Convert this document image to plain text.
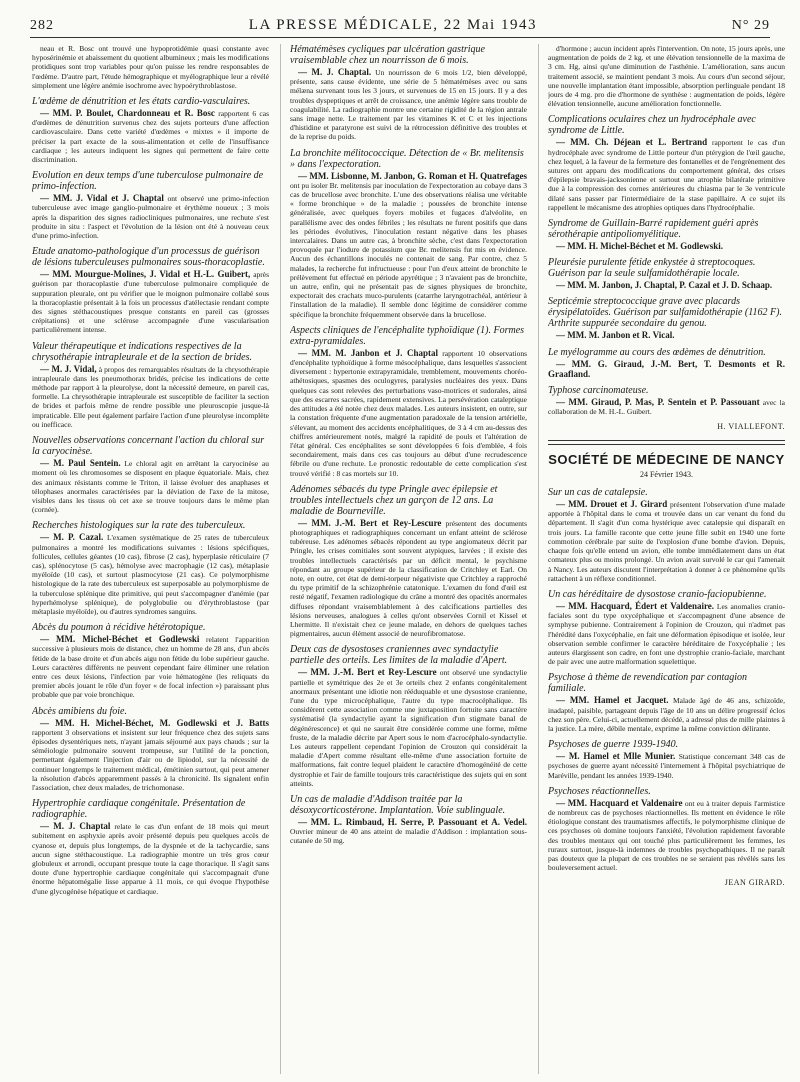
282	LA PRESSE MÉDICALE, 22 Mai 1943	N° 29
neau et R. Bosc ont trouvé une hypoprotidémie quasi constante avec hyposérinémie et abaissement du quotient albumineux ; mais les modifications protidiques sont trop variables pour qu'on puisse les rendre responsables de l'œdème. D'autre part, l'étude hémographique et myélographique leur a révélé simplement une légère anémie isochrome avec hypoérythroblastose.
L'œdème de dénutrition et les états cardio-vasculaires.
— MM. P. Boulet, Chardonneau et R. Bosc rapportent 6 cas d'œdèmes de dénutrition survenus chez des sujets porteurs d'une affection cardiovasculaire. Dans cette variété d'œdèmes « mixtes » il importe de préciser la part exacte de la sous-alimentation et celle de l'insuffisance cardiaque ; les auteurs indiquent les signes qui permettent de faire cette discrimination.
Evolution en deux temps d'une tuberculose pulmonaire de primo-infection.
— MM. J. Vidal et J. Chaptal ont observé une primo-infection tuberculeuse avec image ganglio-pulmonaire et érythème noueux ; 3 mois après la disparition des signes radiocliniques pulmonaires, une rechute s'est produite in situ : l'aspect et l'évolution de la lésion ont été à nouveau ceux d'une primo-infection.
Etude anatomo-pathologique d'un processus de guérison de lésions tuberculeuses pulmonaires sous-thoracoplastie.
— MM. Mourgue-Molines, J. Vidal et H.-L. Guibert, après guérison par thoracoplastie d'une tuberculose pulmonaire compliquée de suppuration pleurale, ont pu vérifier que le moignon pulmonaire collabé sous la thoracoplastie présentait à la fois un processus d'atélectasie rendant compte des signes stéthacoustiques presque constants en pareil cas (grosses crépitations) et une sclérose accompagnée d'une vascularisation particulièrement intense.
Valeur thérapeutique et indications respectives de la chrysothérapie intrapleurale et de la section de brides.
— M. J. Vidal, à propos des remarquables résultats de la chrysothérapie intrapleurale dans les pneumothorax bridés, précise les indications de cette méthode par rapport à la pleurolyse, dont la nécessité demeure, en pareil cas, formelle. La chrysothérapie intrapleurale est susceptible de faciliter la section de brides et parfois même de rendre possible une pleuroscopie jusque-là impraticable. Elle peut également parfaire l'action d'une pleurolyse incomplète ou inefficace.
Nouvelles observations concernant l'action du chloral sur la caryocinèse.
— M. Paul Sentein. Le chloral agit en arrêtant la caryocinèse au moment où les chromosomes se disposent en plaque équatoriale. Mais, chez des animaux résistants comme le Triton, il laisse évoluer des anaphases et télophases anormales caractérisées par la déviation de l'axe de la mitose, visibles dans les tissus où cet axe se trouve toujours dans le même plan (cornée).
Recherches histologiques sur la rate des tuberculeux.
— M. P. Cazal. L'examen systématique de 25 rates de tuberculeux pulmonaires a montré les modifications suivantes : lésions spécifiques, follicules, cellules géantes (10 cas), fibrose (2 cas), hyperplasie réticulaire (7 cas), splénocytose (5 cas), hémolyse avec macrophagie (12 cas), métaplasie myéloïde (10 cas), et surtout plasmocytose (21 cas). Ce polymorphisme histologique de la rate des tuberculeux est superposable au polymorphisme de la tuberculose splénique dite primitive, qui peut s'accompagner d'anémie (par hyperhémolyse splénique), de polyglobulie ou d'érythroblastose (par métaplasie myéloïde), ou d'autres syndromes sanguins.
Abcès du poumon à récidive hétérotopique.
— MM. Michel-Béchet et Godlewski relatent l'apparition successive à plusieurs mois de distance, chez un homme de 28 ans, d'un abcès fétide de la base droite et d'un abcès aigu non fétide du lobe supérieur gauche. Leurs caractères différents ne peuvent cependant faire éliminer une relation entre ces deux lésions, l'infection par voie hématogène (les reliquats du premier abcès jouant le rôle d'un foyer « de focal infection ») paraissant plus probable que par voie bronchique.
Abcès amibiens du foie.
— MM. H. Michel-Béchet, M. Godlewski et J. Batts rapportent 3 observations et insistent sur leur fréquence chez des sujets sans épisodes dysentériques nets, n'ayant jamais séjourné aux pays chauds ; sur la séméiologie pulmonaire souvent trompeuse, sur l'utilité de la ponction, permettant également l'injection d'air ou de lipiodol, sur la nécessité de continuer longtemps le traitement médical, émétinien surtout, qui peut amener la résolution d'abcès apparemment passés à la chronicité. Ils signalent enfin l'association, chez deux malades, de trichomonase.
Hypertrophie cardiaque congénitale. Présentation de radiographie.
— M. J. Chaptal relate le cas d'un enfant de 18 mois qui meurt subitement en asphyxie après avoir présenté depuis peu quelques accès de cyanose et, depuis plus longtemps, de la dyspnée et de la tachycardie, sans aucun signe stéthacoustique. La radiographie montre un très gros cœur globuleux et arrondi, occupant presque toute la cage thoracique. Il s'agit sans doute d'une hypertrophie cardiaque congénitale qui s'accompagnait d'une énorme hépatomégalie lisse apparue à 11 mois, ce qui évoque l'hypothèse d'une glycogénèse hépatique et cardiaque.
Hématémèses cycliques par ulcération gastrique vraisemblable chez un nourrisson de 6 mois.
— M. J. Chaptal. Un nourrisson de 6 mois 1/2, bien développé, présente, sans cause évidente, une série de 5 hématémèses avec ou sans mélæna survenant tous les 3 jours, et survenues de 15 en 15 jours. Il y a des troubles dyspeptiques et arrêt de croissance, une anémie légère sans trouble de coagulabilité. La radiographie montre une certaine rigidité de la région antrale sans image nette. Le traitement par les vitamines K et C et les injections d'histidine et paratyrone est suivi de la rétrocession définitive des troubles et de la reprise du poids.
La bronchite mélitococcique. Détection de « Br. melitensis » dans l'expectoration.
— MM. Lisbonne, M. Janbon, G. Roman et H. Quatrefages ont pu isoler Br. melitensis par inoculation de l'expectoration au cobaye dans 3 cas de brucellose avec bronchite. L'une des observations réalisa une véritable « forme bronchique » de la maladie ; poussées de bronchite intense généralisée, avec quelques foyers mobiles et fugaces d'alvéolite, en parallélisme avec des ondes fébriles ; les résultats ne furent positifs que dans les périodes évolutives, l'inoculation restant négative dans les phases intercalaires. Dans un autre cas, à bronchite sèche, c'est dans l'expectoration provoquée par l'iodure de potassium que Br. melitensis fut mis en évidence. Aucun des échantillons inoculés ne contenait de sang. Par contre, chez 5 malades, la recherche fut infructueuse : pour l'un d'eux atteint de bronchite le prélèvement fut effectué en période apyrétique ; 3 n'avaient pas de bronchite, un autre, enfin, qui ne présentait pas de signes physiques de bronchite, expectorait des crachats muco-purulents (catarrhe laryngotrachéal, antérieur à l'installation de la maladie). Il semble donc légitime de considérer comme spécifique la bronchite fréquemment observée dans la brucellose.
Aspects cliniques de l'encéphalite typhoïdique (1). Formes extra-pyramidales.
— MM. M. Janbon et J. Chaptal rapportent 10 observations d'encéphalite typhoïdique à forme mésocéphalique, dans lesquelles s'associent diversement : hypertonie extrapyramidale, tremblement, mouvements choréo-athétosiques, spasmes des oculogyres, paralysies nucléaires des yeux. Dans quelques cas sont relevées des perturbations vaso-motrices et sudorales, ainsi que des escarres sacrées, rapidement extensives. La persévération cataleptique des attitudes a été notée chez deux malades. Les auteurs insistent, en outre, sur la constation fréquente d'une augmentation paradoxale de la tension artérielle, s'élevant, au moment des accidents encéphalitiques, de 3 à 4 cm au-dessus des chiffres antérieurement notés, malgré la rapidité de pouls et l'altération de l'état général. Ces encéphalites se sont développées 6 fois d'emblée, 4 fois secondairement, mais dans ces cas toujours au début d'une recrudescence fébrile ou d'une rechute. Le pronostic redoutable de cette complication s'est trouvé vérifié : 8 cas mortels sur 10.
Adénomes sébacés du type Pringle avec épilepsie et troubles intellectuels chez un garçon de 12 ans. La maladie de Bourneville.
— MM. J.-M. Bert et Rey-Lescure présentent des documents photographiques et radiographiques concernant un enfant atteint de sclérose tubéreuse. Les adénomes sébacés répondent au type angiomateux décrit par Pringle, les crises comitiales sont souvent atypiques, larvées ; il existe des troubles intellectuels caractérisés par un déficit mental, le psychisme répondant au groupe supérieur de la classification de Critchley et Earl. On note, en outre, cet état de demi-torpeur négativiste que Critchley a rapproché du type primitif de la schizophrénie catatonique. L'examen du fond d'œil est resté négatif, l'examen radiologique du crâne a montré des opacités anormales diffuses répondant vraisemblablement à des calcifications partielles des lésions nerveuses, analogues à celles qu'ont observées Cornil et Kissel et Lhermitte. Il n'existait chez ce jeune malade, en dehors de quelques taches pigmentaires, aucun élément associé de neurofibromatose.
Deux cas de dysostoses craniennes avec syndactylie partielle des orteils. Les limites de la maladie d'Apert.
— MM. J.-M. Bert et Rey-Lescure ont observé une syndactylie partielle et symétrique des 2e et 3e orteils chez 2 enfants congénitalement anormaux présentant une idiotie non rééduquable et une dysostose cranienne, l'une du type microcéphalique, l'autre du type macrocéphalique. Ils considèrent cette association comme une juxtaposition fortuite sans caractère systématisé (la syndactylie ayant la signification d'un stigmate banal de dégénérescence) et qui ne saurait être considérée comme une forme, même fruste, de la maladie décrite par Apert sous le nom d'acrocéphalo-syndactylie. Les auteurs rappellent cependant l'opinion de Crouzon qui considérait la maladie d'Apert comme résultant elle-même d'une association fortuite de malformations, fait contre lequel plaident le caractère d'homogénéité de cette dystrophie et l'air de famille toujours très caractéristique des sujets qui en sont atteints.
Un cas de maladie d'Addison traitée par la désoxycorticostérone. Implantation. Voie sublinguale.
— MM. L. Rimbaud, H. Serre, P. Passouant et A. Vedel. Ouvrier mineur de 40 ans atteint de maladie d'Addison : implantation sous-cutanée de 50 mg.
d'hormone ; aucun incident après l'intervention. On note, 15 jours après, une augmentation de poids de 2 kg. et une élévation tensionnelle de la maxima de 3 cm. Hg, ainsi qu'une diminution de l'asthénie. L'amélioration, sans aucun traitement associé, se maintient pendant 3 mois. Au cours d'un second séjour, une nouvelle implantation étant impossible, absorption perlinguale pendant 18 jours de 4 mg. pro die d'hormone de synthèse : augmentation de poids, légère élévation tensionnelle, aucune amélioration fonctionnelle.
Complications oculaires chez un hydrocéphale avec syndrome de Little.
— MM. Ch. Déjean et L. Bertrand rapportent le cas d'un hydrocéphale avec syndrome de Little porteur d'un ptérygion de l'œil gauche, chez lequel, à la faveur de la fermeture des fontanelles et de l'engrènement des sutures ont apparu des modifications du comportement général, des crises d'épilepsie bravais-jacksonienne et surtout une atrophie bilatérale primitive due à la compression des cornes antérieures du chiasma par le 3e ventricule dilaté sans passer par l'intermédiaire de la stase papillaire. A ce sujet ils rappellent le mécanisme des atrophies optiques dans l'hydrocéphalie.
Syndrome de Guillain-Barré rapidement guéri après sérothérapie antipoliomyélitique.
— MM. H. Michel-Béchet et M. Godlewski.
Pleurésie purulente fétide enkystée à streptocoques. Guérison par la seule sulfamidothérapie locale.
— MM. M. Janbon, J. Chaptal, P. Cazal et J. D. Schaap.
Septicémie streptococcique grave avec placards érysipélatoïdes. Guérison par sulfamidothérapie (1162 F). Arthrite suppurée secondaire du genou.
— MM. M. Janbon et R. Vical.
Le myélogramme au cours des œdèmes de dénutrition.
— MM. G. Giraud, J.-M. Bert, T. Desmonts et R. Graafland.
Typhose carcinomateuse.
— MM. Giraud, P. Mas, P. Sentein et P. Passouant avec la collaboration de M. H.-L. Guibert.
H. VIALLEFONT.
SOCIÉTÉ DE MÉDECINE DE NANCY
24 Février 1943.
Sur un cas de catalepsie.
— MM. Drouet et J. Girard présentent l'observation d'une malade apportée à l'hôpital dans le coma et trouvée dans un car venant du fond du département. Il s'agit d'un coma hystérique avec catalepsie qui disparaît en trois jours. La famille raconte que cette jeune fille subit en 1940 une forte commotion cérébrale par suite de l'explosion d'une bombe d'avion. Depuis, chaque fois qu'elle entend un avion, elle tombe immédiatement dans un état comateux plus ou moins prolongé. Un avion avait survolé le car qui l'amenait à Nancy. Les auteurs discutent l'interprétation à donner à ce phénomène qu'ils rattachent à un réflexe conditionnel.
Un cas héréditaire de dysostose cranio-faciopubienne.
— MM. Hacquard, Édert et Valdenaire. Les anomalies cranio-faciales sont du type oxycéphalique et s'accompagnent d'une absence de symphyse pubienne. Contrairement à l'opinion de Crouzon, qui n'admet pas l'hérédité dans l'oxycéphalie, en fait une déformation épisodique et isolée, leur observation semble confirmer le caractère héréditaire de l'oxycéphalie ; les auteurs élargissent son cadre, en font une dystrophie cranio-faciale, marchant de pair avec une autre malformation squelettique.
Psychose à thème de revendication par contagion familiale.
— MM. Hamel et Jacquet. Malade âgé de 46 ans, schizoïde, inadapté, paisible, partageant depuis l'âge de 10 ans un délire progressif éclos chez son père. Celui-ci, actuellement décédé, a adressé plus de mille plaintes à la justice. La mère, débile mentale, exprime la même conviction délirante.
Psychoses de guerre 1939-1940.
— M. Hamel et Mlle Munier. Statistique concernant 348 cas de psychoses de guerre ayant nécessité l'internement à l'hôpital psychiatrique de Maréville, pendant les années 1939-1940.
Psychoses réactionnelles.
— MM. Hacquard et Valdenaire ont eu à traiter depuis l'armistice de nombreux cas de psychoses réactionnelles. Ils mettent en évidence le rôle étiologique constant des traumatismes affectifs, le polymorphisme clinique de ces psychoses où domine toujours l'anxiété, l'évolution rapidement favorable des troubles mentaux qui ont touché plus particulièrement les femmes, les ruraux surtout, jusque-là indemnes de troubles psychopathiques. Il ne paraît pas douteux que la plupart de ces troubles ne se seraient pas révélés sans les bouleversement actuel.
JEAN GIRARD.
